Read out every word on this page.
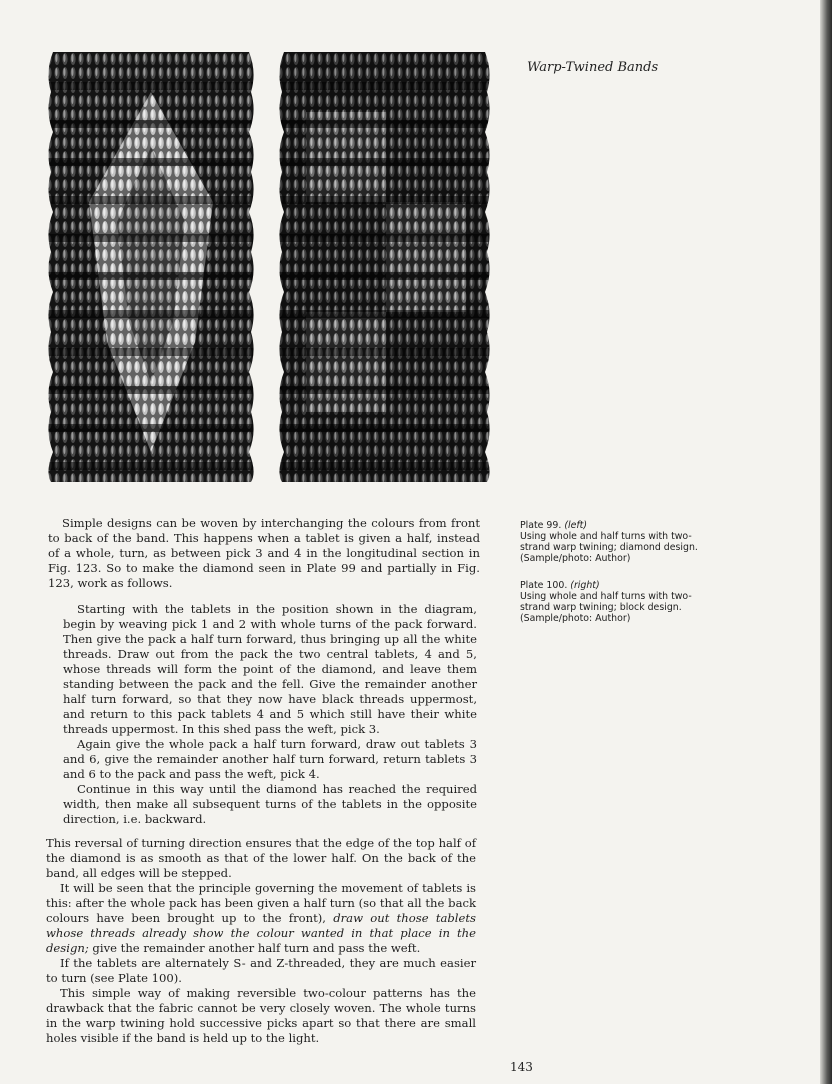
Warp-Twined Bands
Plate 99. (left)
Using whole and half turns with two-
strand warp twining; diamond design.
(Sample/photo: Author)
Plate 100. (right)
Using whole and half turns with two-
strand warp twining; block design.
(Sample/photo: Author)

Simple designs can be woven by interchanging the colours from front to back of the band. This happens when a tablet is given a half, instead of a whole, turn, as between pick 3 and 4 in the longitudinal section in Fig. 123. So to make the diamond seen in Plate 99 and partially in Fig. 123, work as follows.

Starting with the tablets in the position shown in the diagram, begin by weaving pick 1 and 2 with whole turns of the pack forward. Then give the pack a half turn forward, thus bringing up all the white threads. Draw out from the pack the two central tablets, 4 and 5, whose threads will form the point of the diamond, and leave them standing between the pack and the fell. Give the remainder another half turn forward, so that they now have black threads uppermost, and return to this pack tablets 4 and 5 which still have their white threads uppermost. In this shed pass the weft, pick 3.

Again give the whole pack a half turn forward, draw out tablets 3 and 6, give the remainder another half turn forward, return tablets 3 and 6 to the pack and pass the weft, pick 4.

Continue in this way until the diamond has reached the required width, then make all subsequent turns of the tablets in the opposite direction, i.e. backward.

This reversal of turning direction ensures that the edge of the top half of the diamond is as smooth as that of the lower half. On the back of the band, all edges will be stepped.

It will be seen that the principle governing the movement of tablets is this: after the whole pack has been given a half turn (so that all the back colours have been brought up to the front), draw out those tablets whose threads already show the colour wanted in that place in the design; give the remainder another half turn and pass the weft.

If the tablets are alternately S- and Z-threaded, they are much easier to turn (see Plate 100).

This simple way of making reversible two-colour patterns has the drawback that the fabric cannot be very closely woven. The whole turns in the warp twining hold successive picks apart so that there are small holes visible if the band is held up to the light.

143
